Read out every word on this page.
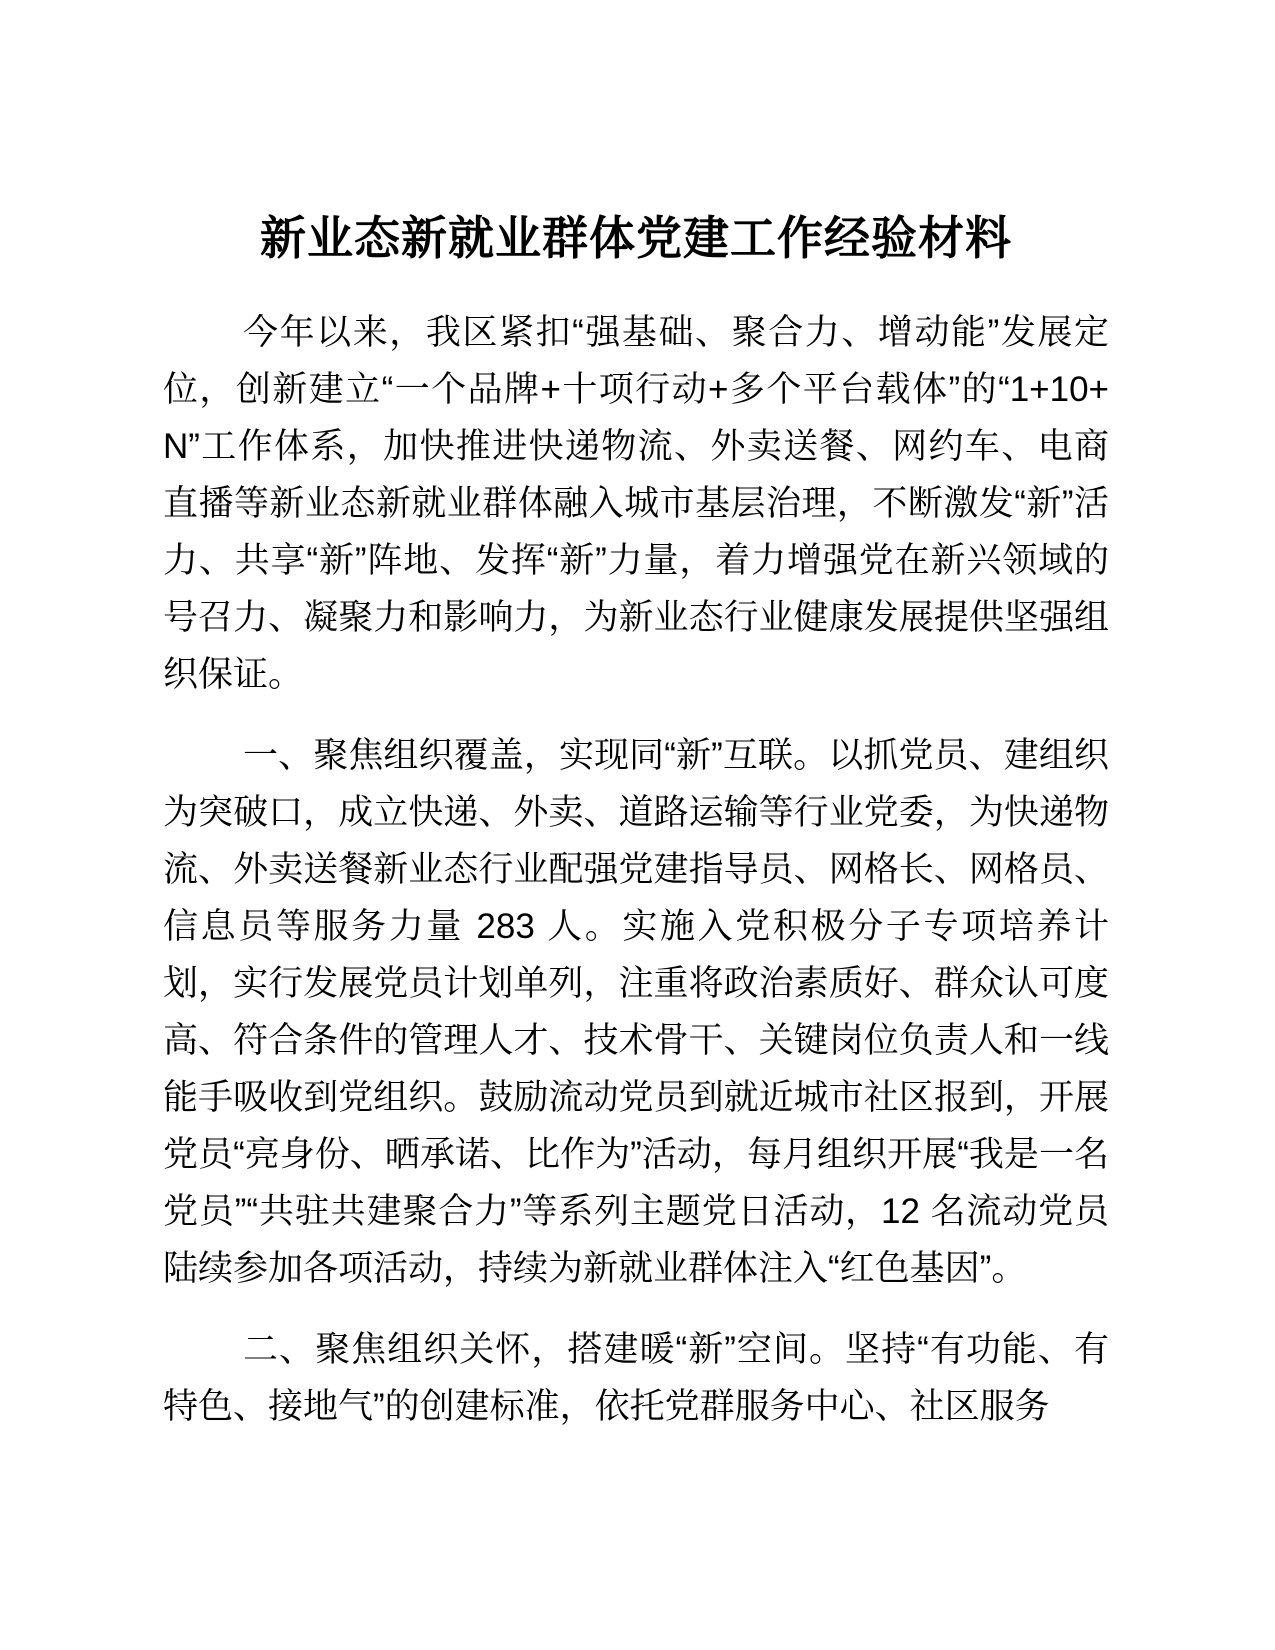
新业态新就业群体党建工作经验材料

今年以来，我区紧扣“强基础、聚合力、增动能”发展定位，创新建立“一个品牌+十项行动+多个平台载体”的“1+10+N”工作体系，加快推进快递物流、外卖送餐、网约车、电商直播等新业态新就业群体融入城市基层治理，不断激发“新”活力、共享“新”阵地、发挥“新”力量，着力增强党在新兴领域的号召力、凝聚力和影响力，为新业态行业健康发展提供坚强组织保证。

一、聚焦组织覆盖，实现同“新”互联。以抓党员、建组织为突破口，成立快递、外卖、道路运输等行业党委，为快递物流、外卖送餐新业态行业配强党建指导员、网格长、网格员、信息员等服务力量 283 人。实施入党积极分子专项培养计划，实行发展党员计划单列，注重将政治素质好、群众认可度高、符合条件的管理人才、技术骨干、关键岗位负责人和一线能手吸收到党组织。鼓励流动党员到就近城市社区报到，开展党员“亮身份、晒承诺、比作为”活动，每月组织开展“我是一名党员”“共驻共建聚合力”等系列主题党日活动，12 名流动党员陆续参加各项活动，持续为新就业群体注入“红色基因”。

二、聚焦组织关怀，搭建暖“新”空间。坚持“有功能、有特色、接地气”的创建标准，依托党群服务中心、社区服务
